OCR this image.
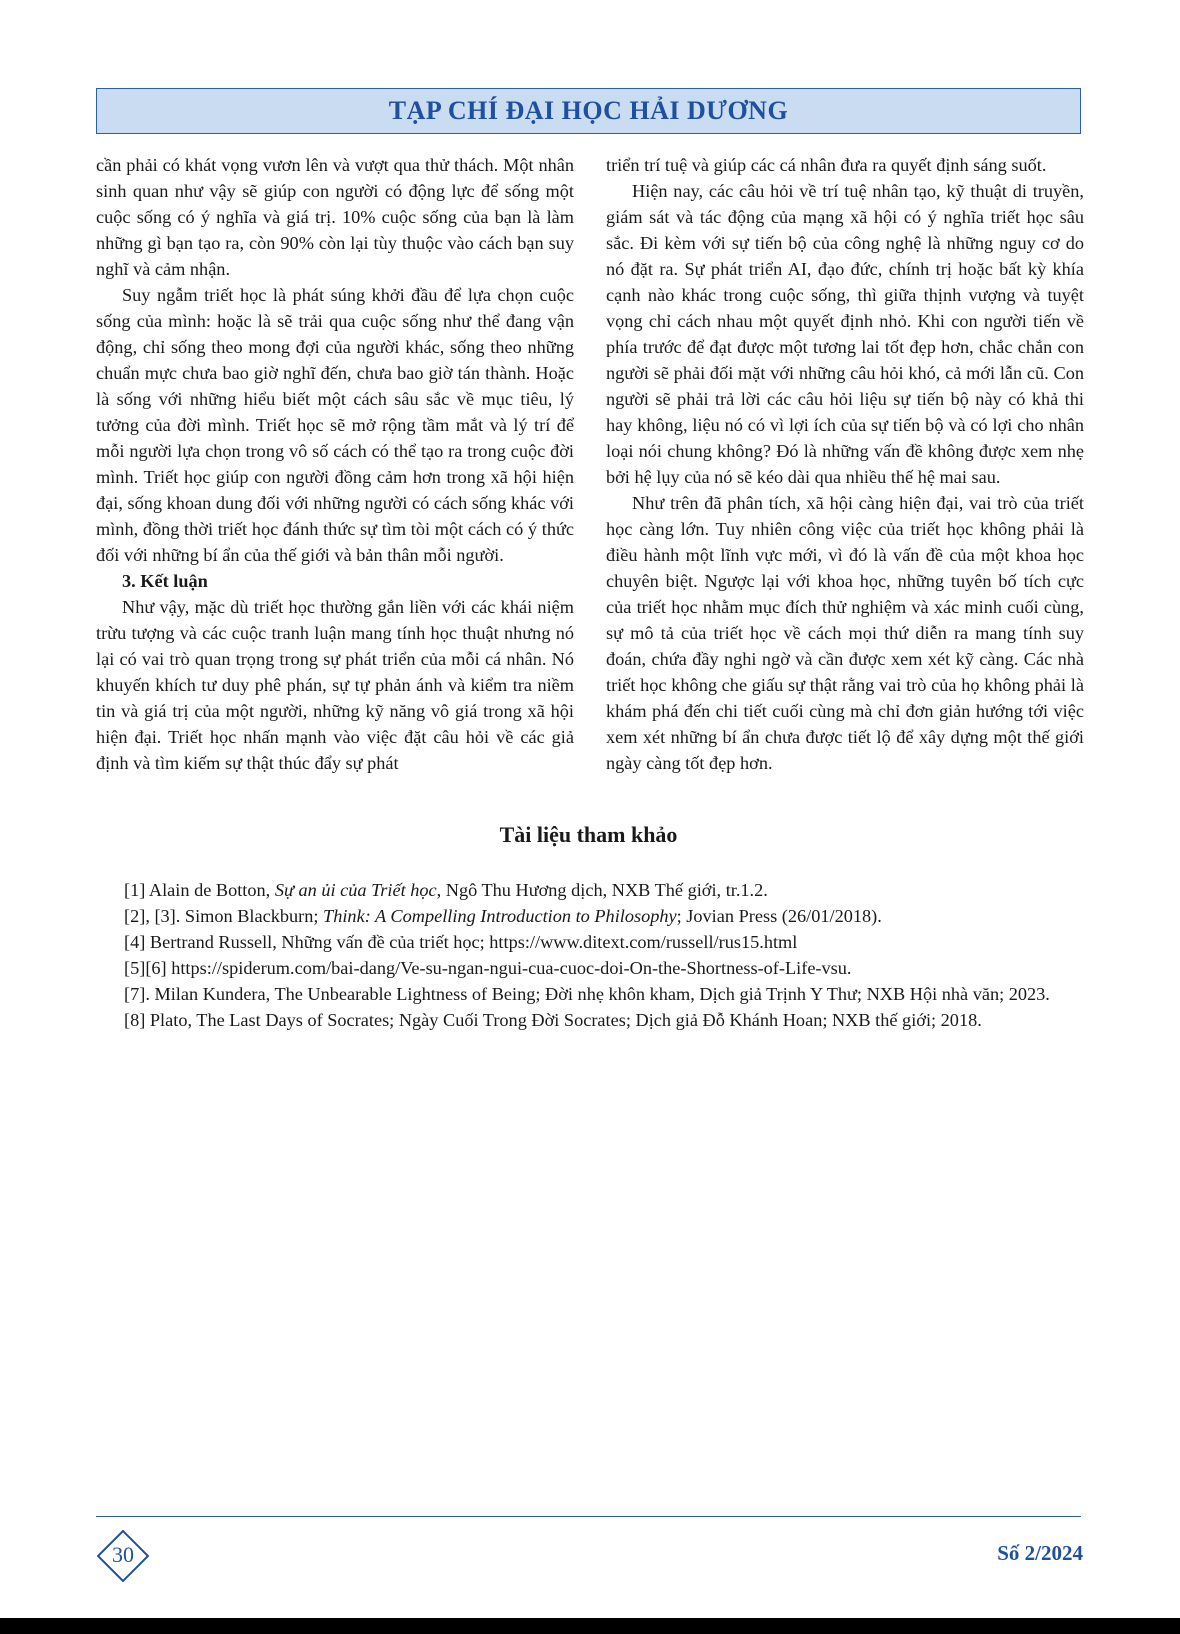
TẠP CHÍ ĐẠI HỌC HẢI DƯƠNG

cần phải có khát vọng vươn lên và vượt qua thử thách. Một nhân sinh quan như vậy sẽ giúp con người có động lực để sống một cuộc sống có ý nghĩa và giá trị. 10% cuộc sống của bạn là làm những gì bạn tạo ra, còn 90% còn lại tùy thuộc vào cách bạn suy nghĩ và cảm nhận.

Suy ngẫm triết học là phát súng khởi đầu để lựa chọn cuộc sống của mình: hoặc là sẽ trải qua cuộc sống như thể đang vận động, chỉ sống theo mong đợi của người khác, sống theo những chuẩn mực chưa bao giờ nghĩ đến, chưa bao giờ tán thành. Hoặc là sống với những hiểu biết một cách sâu sắc về mục tiêu, lý tưởng của đời mình. Triết học sẽ mở rộng tầm mắt và lý trí để mỗi người lựa chọn trong vô số cách có thể tạo ra trong cuộc đời mình. Triết học giúp con người đồng cảm hơn trong xã hội hiện đại, sống khoan dung đối với những người có cách sống khác với mình, đồng thời triết học đánh thức sự tìm tòi một cách có ý thức đối với những bí ẩn của thế giới và bản thân mỗi người.

3. Kết luận

Như vậy, mặc dù triết học thường gắn liền với các khái niệm trừu tượng và các cuộc tranh luận mang tính học thuật nhưng nó lại có vai trò quan trọng trong sự phát triển của mỗi cá nhân. Nó khuyến khích tư duy phê phán, sự tự phản ánh và kiểm tra niềm tin và giá trị của một người, những kỹ năng vô giá trong xã hội hiện đại. Triết học nhấn mạnh vào việc đặt câu hỏi về các giả định và tìm kiếm sự thật thúc đẩy sự phát

triển trí tuệ và giúp các cá nhân đưa ra quyết định sáng suốt.

Hiện nay, các câu hỏi về trí tuệ nhân tạo, kỹ thuật di truyền, giám sát và tác động của mạng xã hội có ý nghĩa triết học sâu sắc. Đi kèm với sự tiến bộ của công nghệ là những nguy cơ do nó đặt ra. Sự phát triển AI, đạo đức, chính trị hoặc bất kỳ khía cạnh nào khác trong cuộc sống, thì giữa thịnh vượng và tuyệt vọng chỉ cách nhau một quyết định nhỏ. Khi con người tiến về phía trước để đạt được một tương lai tốt đẹp hơn, chắc chắn con người sẽ phải đối mặt với những câu hỏi khó, cả mới lẫn cũ. Con người sẽ phải trả lời các câu hỏi liệu sự tiến bộ này có khả thi hay không, liệu nó có vì lợi ích của sự tiến bộ và có lợi cho nhân loại nói chung không? Đó là những vấn đề không được xem nhẹ bởi hệ lụy của nó sẽ kéo dài qua nhiều thế hệ mai sau.

Như trên đã phân tích, xã hội càng hiện đại, vai trò của triết học càng lớn. Tuy nhiên công việc của triết học không phải là điều hành một lĩnh vực mới, vì đó là vấn đề của một khoa học chuyên biệt. Ngược lại với khoa học, những tuyên bố tích cực của triết học nhằm mục đích thử nghiệm và xác minh cuối cùng, sự mô tả của triết học về cách mọi thứ diễn ra mang tính suy đoán, chứa đầy nghi ngờ và cần được xem xét kỹ càng. Các nhà triết học không che giấu sự thật rằng vai trò của họ không phải là khám phá đến chi tiết cuối cùng mà chỉ đơn giản hướng tới việc xem xét những bí ẩn chưa được tiết lộ để xây dựng một thế giới ngày càng tốt đẹp hơn.

Tài liệu tham khảo

[1] Alain de Botton, Sự an ủi của Triết học, Ngô Thu Hương dịch, NXB Thế giới, tr.1.2.

[2], [3]. Simon Blackburn; Think: A Compelling Introduction to Philosophy; Jovian Press (26/01/2018).

[4] Bertrand Russell, Những vấn đề của triết học; https://www.ditext.com/russell/rus15.html

[5][6] https://spiderum.com/bai-dang/Ve-su-ngan-ngui-cua-cuoc-doi-On-the-Shortness-of-Life-vsu.

[7]. Milan Kundera, The Unbearable Lightness of Being; Đời nhẹ khôn kham, Dịch giả Trịnh Y Thư; NXB Hội nhà văn; 2023.

[8] Plato, The Last Days of Socrates; Ngày Cuối Trong Đời Socrates; Dịch giả Đỗ Khánh Hoan; NXB thế giới; 2018.

30	Số 2/2024
